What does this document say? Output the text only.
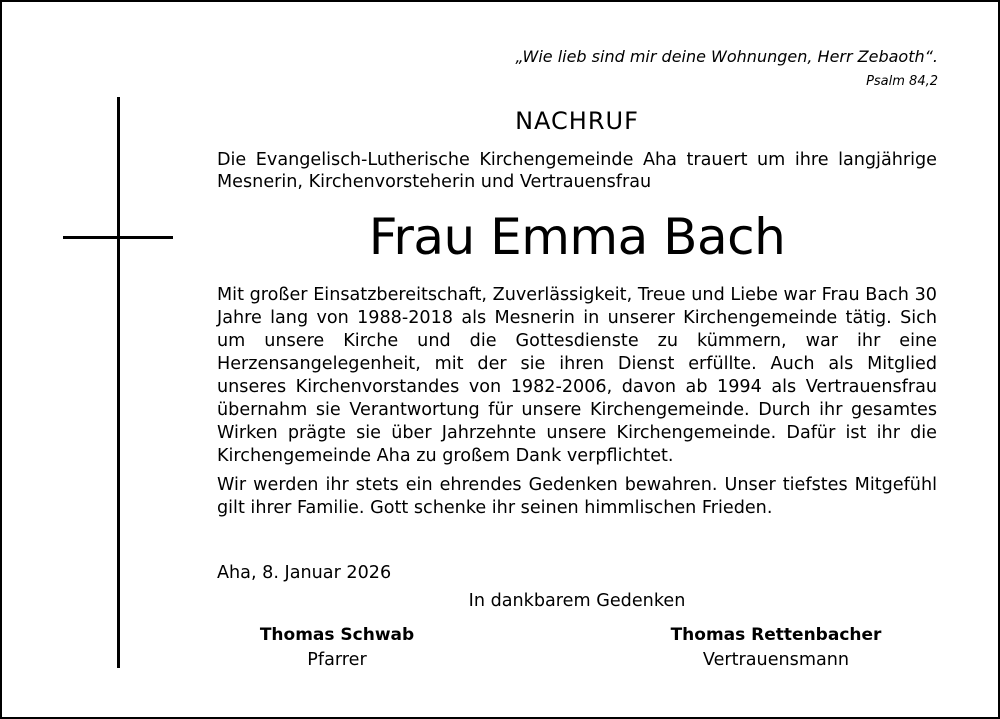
„Wie lieb sind mir deine Wohnungen, Herr Zebaoth“.
Psalm 84,2
NACHRUF
Die Evangelisch-Lutherische Kirchengemeinde Aha trauert um ihre langjährige Mesnerin, Kirchenvorsteherin und Vertrauensfrau
Frau Emma Bach

Mit großer Einsatzbereitschaft, Zuverlässigkeit, Treue und Liebe war Frau Bach 30 Jahre lang von 1988-2018 als Mesnerin in unserer Kirchengemeinde tätig. Sich um unsere Kirche und die Gottesdienste zu kümmern, war ihr eine Herzensangelegenheit, mit der sie ihren Dienst erfüllte. Auch als Mitglied unseres Kirchenvorstandes von 1982-2006, davon ab 1994 als Vertrauensfrau übernahm sie Verantwortung für unsere Kirchengemeinde. Durch ihr gesamtes Wirken prägte sie über Jahrzehnte unsere Kirchengemeinde. Dafür ist ihr die Kirchengemeinde Aha zu großem Dank verpflichtet.

Wir werden ihr stets ein ehrendes Gedenken bewahren. Unser tiefstes Mitgefühl gilt ihrer Familie. Gott schenke ihr seinen himmlischen Frieden.

Aha, 8. Januar 2026
In dankbarem Gedenken
Thomas Schwab
Pfarrer
Thomas Rettenbacher
Vertrauensmann
